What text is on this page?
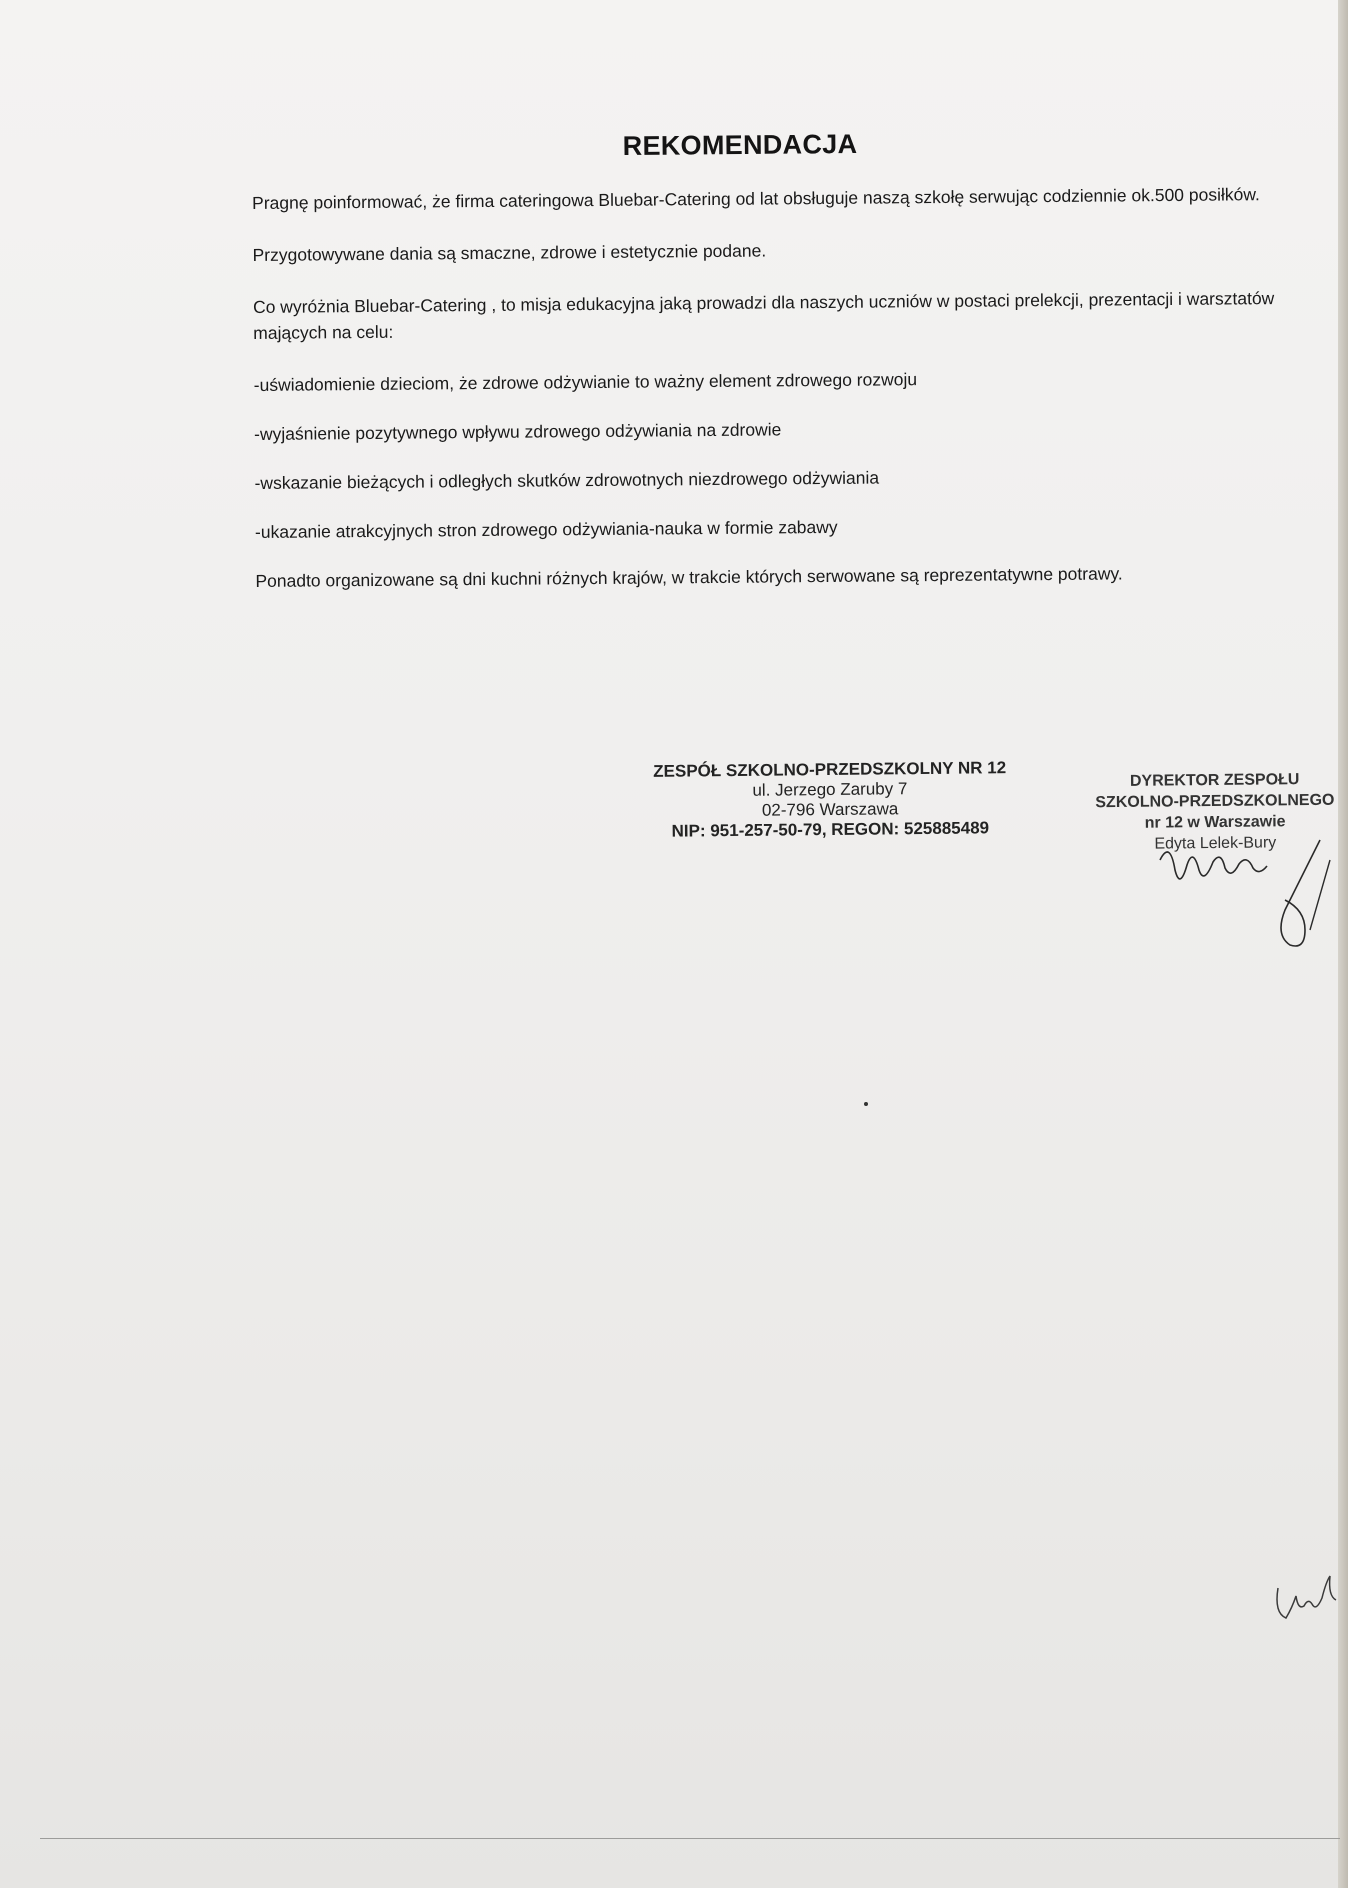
REKOMENDACJA

Pragnę poinformować, że firma cateringowa Bluebar-Catering od lat obsługuje naszą szkołę serwując codziennie ok.500 posiłków.

Przygotowywane dania są smaczne, zdrowe i estetycznie podane.

Co wyróżnia Bluebar-Catering , to misja edukacyjna jaką prowadzi dla naszych uczniów w postaci prelekcji, prezentacji i warsztatów mających na celu:

-uświadomienie dzieciom, że zdrowe odżywianie to ważny element zdrowego rozwoju
-wyjaśnienie pozytywnego wpływu zdrowego odżywiania na zdrowie
-wskazanie bieżących i odległych skutków zdrowotnych niezdrowego odżywiania
-ukazanie atrakcyjnych stron zdrowego odżywiania-nauka w formie zabawy

Ponadto organizowane są dni kuchni różnych krajów, w trakcie których serwowane są reprezentatywne potrawy.

ZESPÓŁ SZKOLNO-PRZEDSZKOLNY NR 12
ul. Jerzego Zaruby 7
02-796 Warszawa
NIP: 951-257-50-79, REGON: 525885489
DYREKTOR ZESPOŁU
SZKOLNO-PRZEDSZKOLNEGO
nr 12 w Warszawie
Edyta Lelek-Bury
